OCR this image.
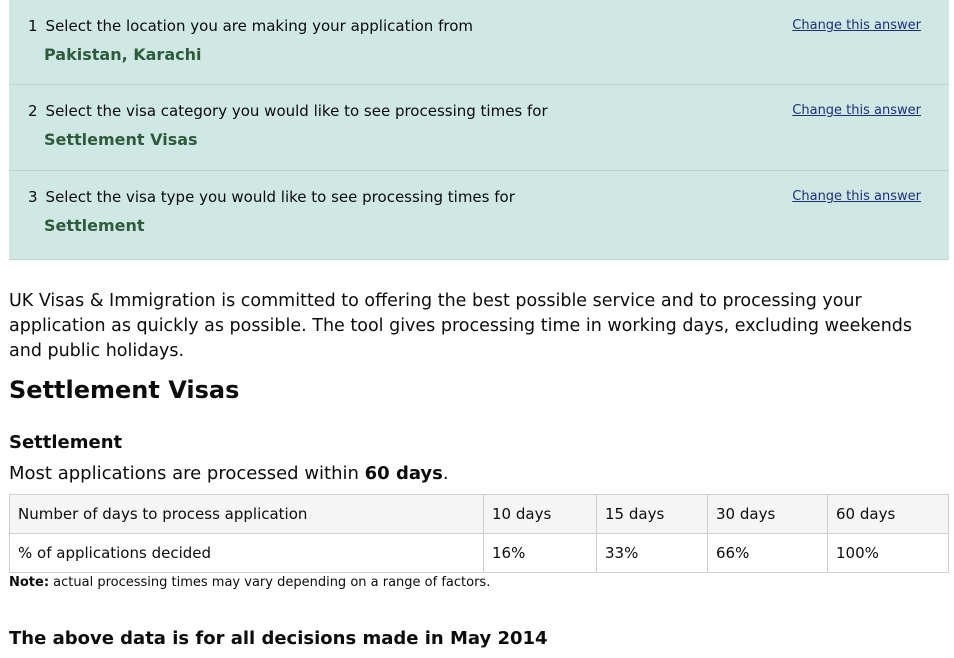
1 Select the location you are making your application from
Pakistan, Karachi
Change this answer
2 Select the visa category you would like to see processing times for
Settlement Visas
Change this answer
3 Select the visa type you would like to see processing times for
Settlement
Change this answer

UK Visas & Immigration is committed to offering the best possible service and to processing your application as quickly as possible. The tool gives processing time in working days, excluding weekends and public holidays.

Settlement Visas
Settlement

Most applications are processed within 60 days.

Number of days to process application	10 days	15 days	30 days	60 days
% of applications decided	16%	33%	66%	100%

Note: actual processing times may vary depending on a range of factors.

The above data is for all decisions made in May 2014
